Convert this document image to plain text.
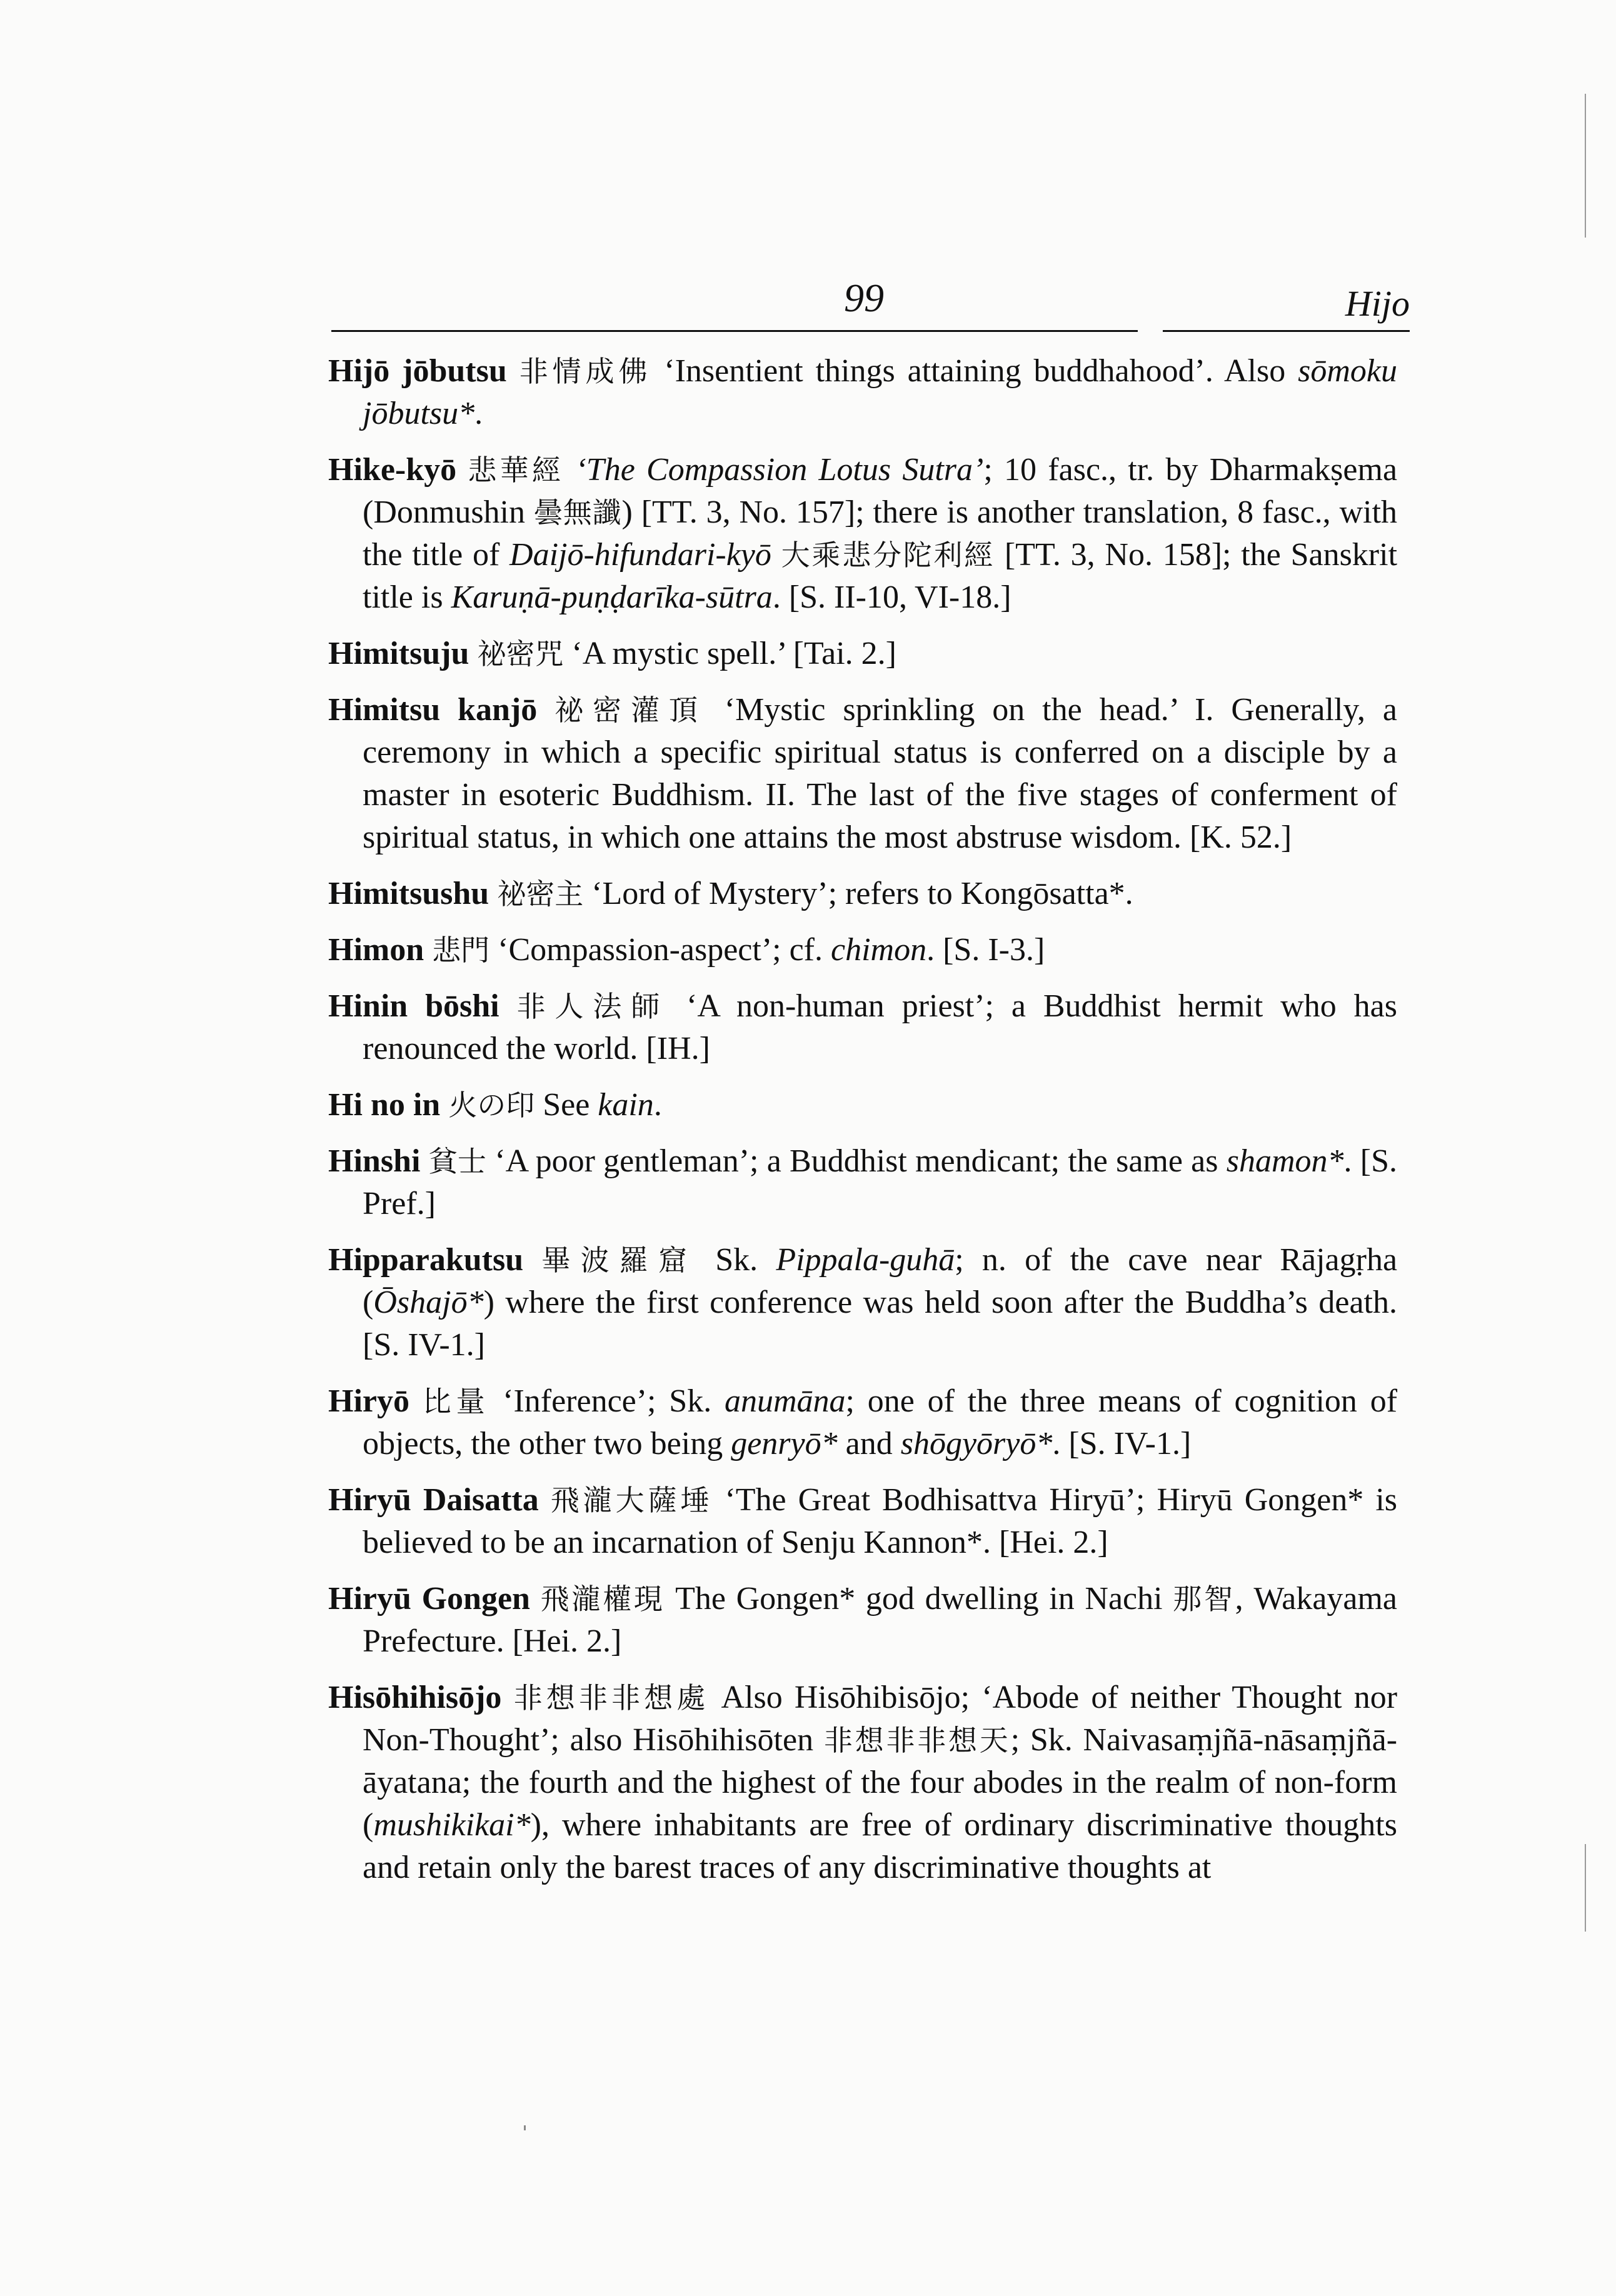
99	Hijo

Hijō jōbutsu 非情成佛 ‘Insentient things attaining buddhahood’. Also sōmoku jōbutsu*.

Hike-kyō 悲華經 ‘The Compassion Lotus Sutra’; 10 fasc., tr. by Dharmakṣema (Donmushin 曇無讖) [TT. 3, No. 157]; there is another translation, 8 fasc., with the title of Daijō-hifundari-kyō 大乘悲分陀利經 [TT. 3, No. 158]; the Sanskrit title is Karuṇā-puṇḍarīka-sūtra. [S. II-10, VI-18.]

Himitsuju 祕密咒 ‘A mystic spell.’ [Tai. 2.]

Himitsu kanjō 祕密灌頂 ‘Mystic sprinkling on the head.’ I. Generally, a ceremony in which a specific spiritual status is conferred on a disciple by a master in esoteric Buddhism. II. The last of the five stages of conferment of spiritual status, in which one attains the most abstruse wisdom. [K. 52.]

Himitsushu 祕密主 ‘Lord of Mystery’; refers to Kongōsatta*.

Himon 悲門 ‘Compassion-aspect’; cf. chimon. [S. I-3.]

Hinin bōshi 非人法師 ‘A non-human priest’; a Buddhist hermit who has renounced the world. [IH.]

Hi no in 火の印 See kain.

Hinshi 貧士 ‘A poor gentleman’; a Buddhist mendicant; the same as shamon*. [S. Pref.]

Hipparakutsu 畢波羅窟 Sk. Pippala-guhā; n. of the cave near Rājagṛha (Ōshajō*) where the first conference was held soon after the Buddha’s death. [S. IV-1.]

Hiryō 比量 ‘Inference’; Sk. anumāna; one of the three means of cognition of objects, the other two being genryō* and shōgyōryō*. [S. IV-1.]

Hiryū Daisatta 飛瀧大薩埵 ‘The Great Bodhisattva Hiryū’; Hiryū Gongen* is believed to be an incarnation of Senju Kannon*. [Hei. 2.]

Hiryū Gongen 飛瀧權現 The Gongen* god dwelling in Nachi 那智, Wakayama Prefecture. [Hei. 2.]

Hisōhihisōjo 非想非非想處 Also Hisōhibisōjo; ‘Abode of neither Thought nor Non-Thought’; also Hisōhihisōten 非想非非想天; Sk. Naivasaṃjñā-nāsaṃjñā-āyatana; the fourth and the highest of the four abodes in the realm of non-form (mushikikai*), where inhabitants are free of ordinary discriminative thoughts and retain only the barest traces of any discriminative thoughts at
